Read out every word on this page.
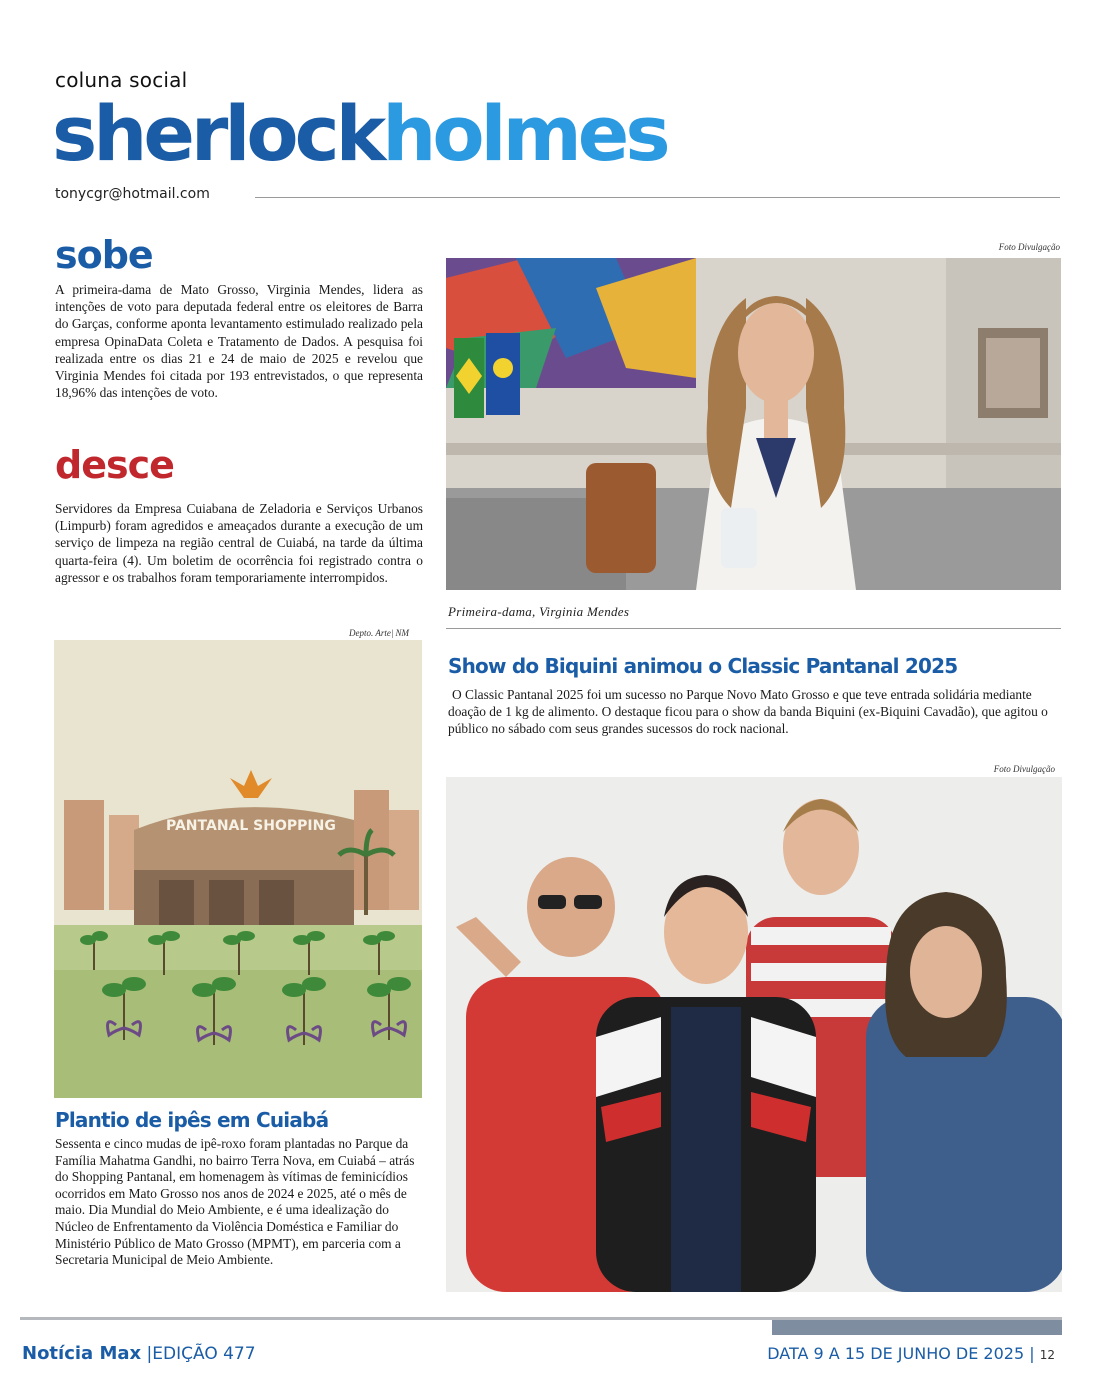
coluna social
sherlockholmes
tonycgr@hotmail.com
sobe

A primeira-dama de Mato Grosso, Virginia Mendes, lidera as intenções de voto para deputada federal entre os eleitores de Barra do Garças, conforme aponta levantamento estimulado realizado pela empresa OpinaData Coleta e Tratamento de Dados. A pesquisa foi realizada entre os dias 21 e 24 de maio de 2025 e revelou que Virginia Mendes foi citada por 193 entrevistados, o que representa 18,96% das intenções de voto.

desce

Servidores da Empresa Cuiabana de Zeladoria e Serviços Urbanos (Limpurb) foram agredidos e ameaçados durante a execução de um serviço de limpeza na região central de Cuiabá, na tarde da última quarta-feira (4). Um boletim de ocorrência foi registrado contra o agressor e os trabalhos foram temporariamente interrompidos.

Foto Divulgação
Primeira-dama, Virginia Mendes
Depto. Arte| NM
PANTANAL SHOPPING
Show do Biquini animou o Classic Pantanal 2025

O Classic Pantanal 2025 foi um sucesso no Parque Novo Mato Grosso e que teve entrada solidária mediante doação de 1 kg de alimento. O destaque ficou para o show da banda Biquini (ex-Biquini Cavadão), que agitou o público no sábado com seus grandes sucessos do rock nacional.

Foto Divulgação
Plantio de ipês em Cuiabá

Sessenta e cinco mudas de ipê-roxo foram plantadas no Parque da Família Mahatma Gandhi, no bairro Terra Nova, em Cuiabá – atrás do Shopping Pantanal, em homenagem às vítimas de feminicídios ocorridos em Mato Grosso nos anos de 2024 e 2025, até o mês de maio. Dia Mundial do Meio Ambiente, e é uma idealização do Núcleo de Enfrentamento da Violência Doméstica e Familiar do Ministério Público de Mato Grosso (MPMT), em parceria com a Secretaria Municipal de Meio Ambiente.

Notícia Max |EDIÇÃO 477	DATA 9 A 15 DE JUNHO DE 2025 | 12
